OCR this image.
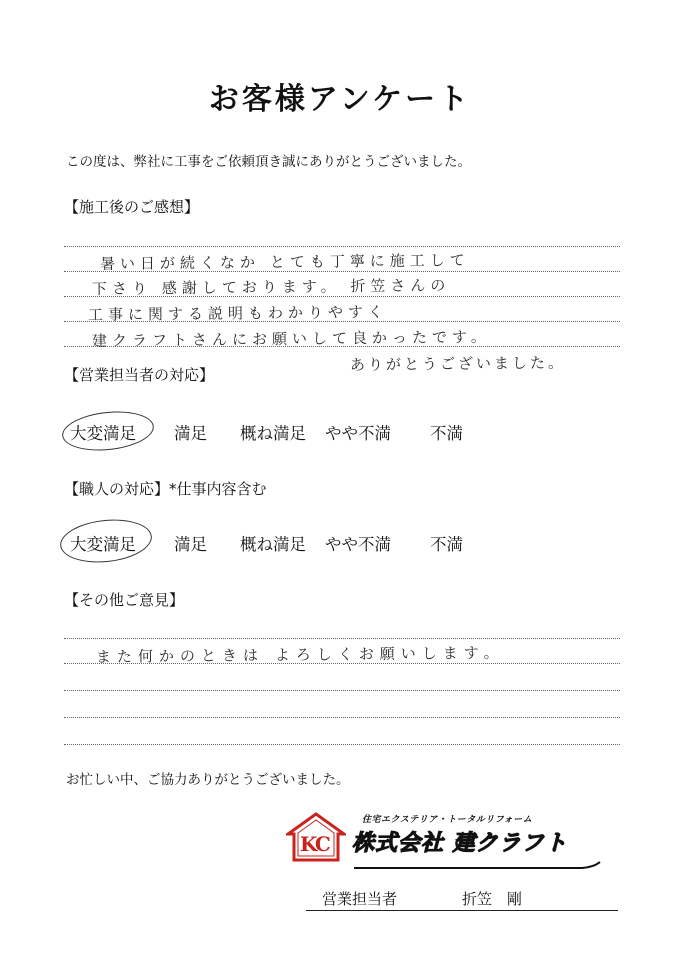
お客様アンケート
この度は、弊社に工事をご依頼頂き誠にありがとうございました。
【施工後のご感想】
暑い日が続くなか とても丁寧に施工して
下さり 感謝しております。 折笠さんの
工事に関する説明もわかりやすく
建クラフトさんにお願いして良かったです。
ありがとうございました。
【営業担当者の対応】
大変満足 満足 概ね満足 やや不満 不満
【職人の対応】*仕事内容含む
大変満足 満足 概ね満足 やや不満 不満
【その他ご意見】
また何かのときは よろしくお願いします。
お忙しい中、ご協力ありがとうございました。
KC
住宅エクステリア・トータルリフォーム
株式会社 建クラフト
営業担当者	折笠　剛
